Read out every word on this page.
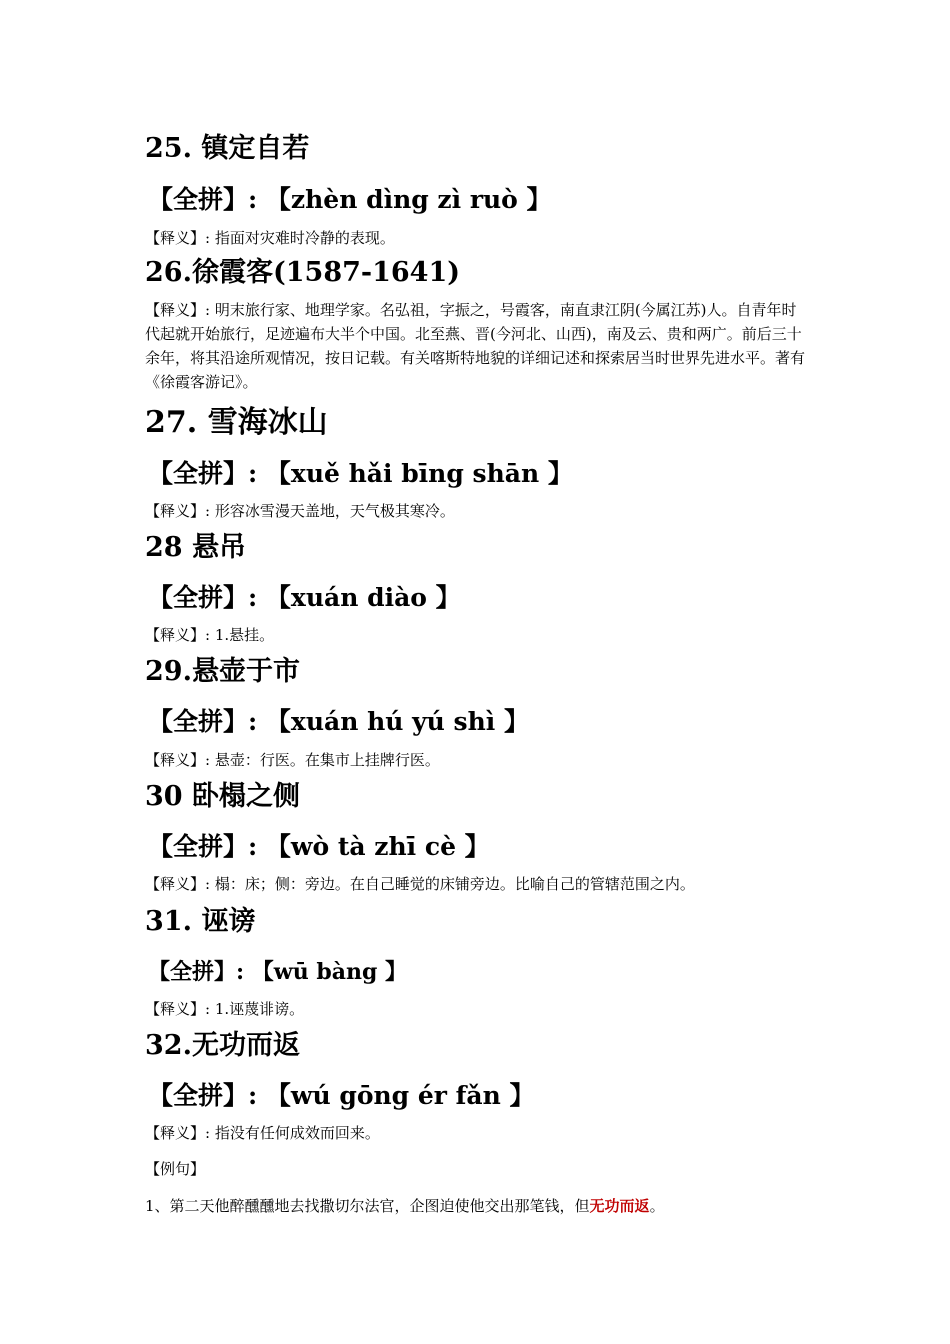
25. 镇定自若
【全拼】: 【zhèn dìng zì ruò 】
【释义】: 指面对灾难时冷静的表现。
26.徐霞客(1587-1641)
【释义】: 明末旅行家、地理学家。名弘祖，字振之，号霞客，南直隶江阴(今属江苏)人。自青年时代起就开始旅行，足迹遍布大半个中国。北至燕、晋(今河北、山西)，南及云、贵和两广。前后三十余年，将其沿途所观情况，按日记载。有关喀斯特地貌的详细记述和探索居当时世界先进水平。著有《徐霞客游记》。
27. 雪海冰山
【全拼】: 【xuě hǎi bīng shān 】
【释义】: 形容冰雪漫天盖地，天气极其寒冷。
28 悬吊
【全拼】: 【xuán diào 】
【释义】: 1.悬挂。
29.悬壶于市
【全拼】: 【xuán hú yú shì 】
【释义】: 悬壶：行医。在集市上挂牌行医。
30 卧榻之侧
【全拼】: 【wò tà zhī cè 】
【释义】: 榻：床；侧：旁边。在自己睡觉的床铺旁边。比喻自己的管辖范围之内。
31. 诬谤
【全拼】: 【wū bàng 】
【释义】: 1.诬蔑诽谤。
32.无功而返
【全拼】: 【wú gōng ér fǎn 】
【释义】: 指没有任何成效而回来。
【例句】
1、第二天他醉醺醺地去找撒切尔法官，企图迫使他交出那笔钱，但无功而返。
